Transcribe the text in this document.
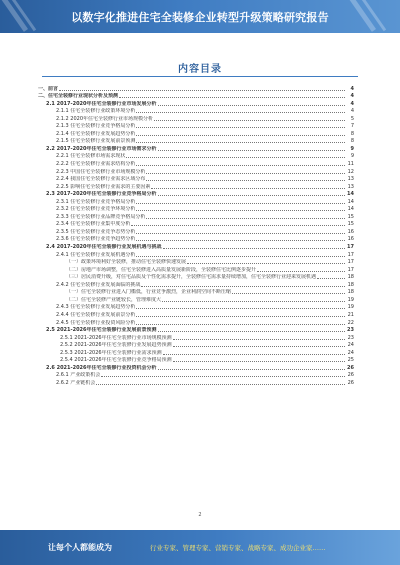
以数字化推进住宅全装修企业转型升级策略研究报告
内容目录
一、前言	4
二、住宅全装修行业现状分析及预测	4
2.1 2017-2020年住宅全装修行业市场发展分析	4
2.1.1 住宅全装修行业政策环境分析	4
2.1.2 2020年住宅全装修行业市场规模分析	5
2.1.3 住宅全装修行业竞争格局分析	7
2.1.4 住宅全装修行业发展趋势分析	8
2.1.5 住宅全装修行业发展前景预测	8
2.2 2017-2020年住宅全装修行业市场需求分析	9
2.2.1 住宅全装修市场需求现状	9
2.2.2 住宅全装修行业需求结构分析	11
2.2.3 中国住宅全装修行业市场规模分析	12
2.2.4 我国住宅全装修行业需求区域分布	13
2.2.5 影响住宅全装修行业需求的主要因素	13
2.3 2017-2020年住宅全装修行业竞争格局分析	14
2.3.1 住宅全装修行业竞争格局分析	14
2.3.2 住宅全装修行业竞争环境分析	14
2.3.3 住宅全装修行业品牌竞争格局分析	15
2.3.4 住宅全装修行业集中度分析	15
2.3.5 住宅全装修行业竞争态势分析	16
2.3.6 住宅全装修行业竞争趋势分析	16
2.4 2017-2020年住宅全装修行业发展机遇与挑战	17
2.4.1 住宅全装修行业发展机遇分析	17
（一）政策环境利好全装修，推动住宅全装修快速发展	17
（二）房地产市场调整，住宅全装修进入高质量发展新阶段，全装修住宅比例逐步提升	17
（三）居民消费升级，对住宅品质及个性化需求提升，全装修住宅需求量持续增加，住宅全装修行业迎来发展机遇	18
2.4.2 住宅全装修行业发展面临的挑战	18
（一）住宅全装修行业进入门槛低，行业竞争激烈，企业利润空间不断压缩	18
（二）住宅全装修产业链较长，管理难度大	19
2.4.3 住宅全装修行业发展趋势分析	19
2.4.4 住宅全装修行业发展前景分析	21
2.4.5 住宅全装修行业投资风险分析	22
2.5 2021-2026年住宅全装修行业发展前景预测	23
2.5.1 2021-2026年住宅全装修行业市场规模预测	23
2.5.2 2021-2026年住宅全装修行业发展趋势预测	24
2.5.3 2021-2026年住宅全装修行业需求预测	24
2.5.4 2021-2026年住宅全装修行业竞争格局预测	25
2.6 2021-2026年住宅全装修行业投资机会分析	26
2.6.1 产业政策机会	26
2.6.2 产业链机会	26
2
让每个人都能成为	行业专家、管理专家、营销专家、战略专家、成功企业家……
